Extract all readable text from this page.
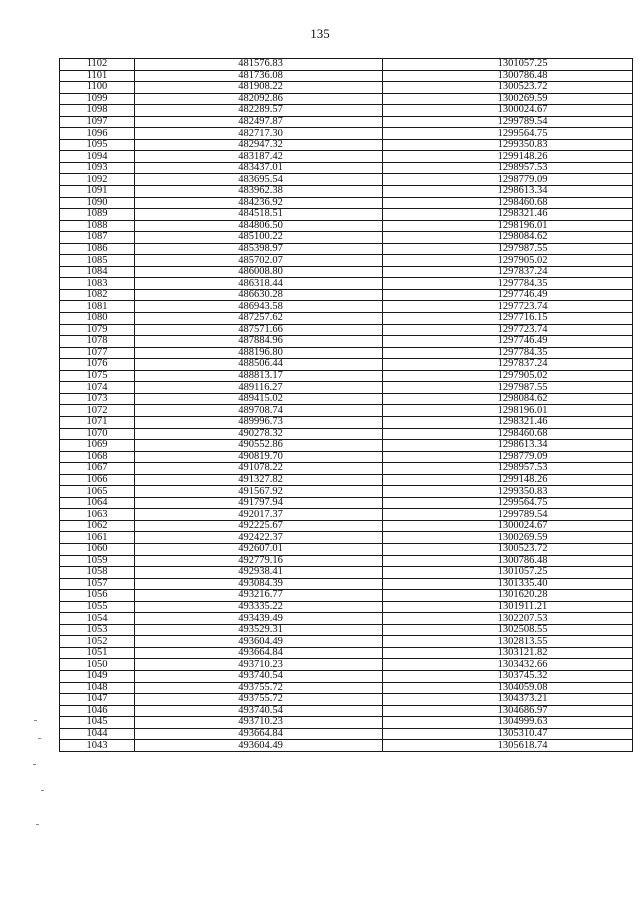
135
1102	481576.83	1301057.25
1101	481736.08	1300786.48
1100	481908.22	1300523.72
1099	482092.86	1300269.59
1098	482289.57	1300024.67
1097	482497.87	1299789.54
1096	482717.30	1299564.75
1095	482947.32	1299350.83
1094	483187.42	1299148.26
1093	483437.01	1298957.53
1092	483695.54	1298779.09
1091	483962.38	1298613.34
1090	484236.92	1298460.68
1089	484518.51	1298321.46
1088	484806.50	1298196.01
1087	485100.22	1298084.62
1086	485398.97	1297987.55
1085	485702.07	1297905.02
1084	486008.80	1297837.24
1083	486318.44	1297784.35
1082	486630.28	1297746.49
1081	486943.58	1297723.74
1080	487257.62	1297716.15
1079	487571.66	1297723.74
1078	487884.96	1297746.49
1077	488196.80	1297784.35
1076	488506.44	1297837.24
1075	488813.17	1297905.02
1074	489116.27	1297987.55
1073	489415.02	1298084.62
1072	489708.74	1298196.01
1071	489996.73	1298321.46
1070	490278.32	1298460.68
1069	490552.86	1298613.34
1068	490819.70	1298779.09
1067	491078.22	1298957.53
1066	491327.82	1299148.26
1065	491567.92	1299350.83
1064	491797.94	1299564.75
1063	492017.37	1299789.54
1062	492225.67	1300024.67
1061	492422.37	1300269.59
1060	492607.01	1300523.72
1059	492779.16	1300786.48
1058	492938.41	1301057.25
1057	493084.39	1301335.40
1056	493216.77	1301620.28
1055	493335.22	1301911.21
1054	493439.49	1302207.53
1053	493529.31	1302508.55
1052	493604.49	1302813.55
1051	493664.84	1303121.82
1050	493710.23	1303432.66
1049	493740.54	1303745.32
1048	493755.72	1304059.08
1047	493755.72	1304373.21
1046	493740.54	1304686.97
1045	493710.23	1304999.63
1044	493664.84	1305310.47
1043	493604.49	1305618.74
